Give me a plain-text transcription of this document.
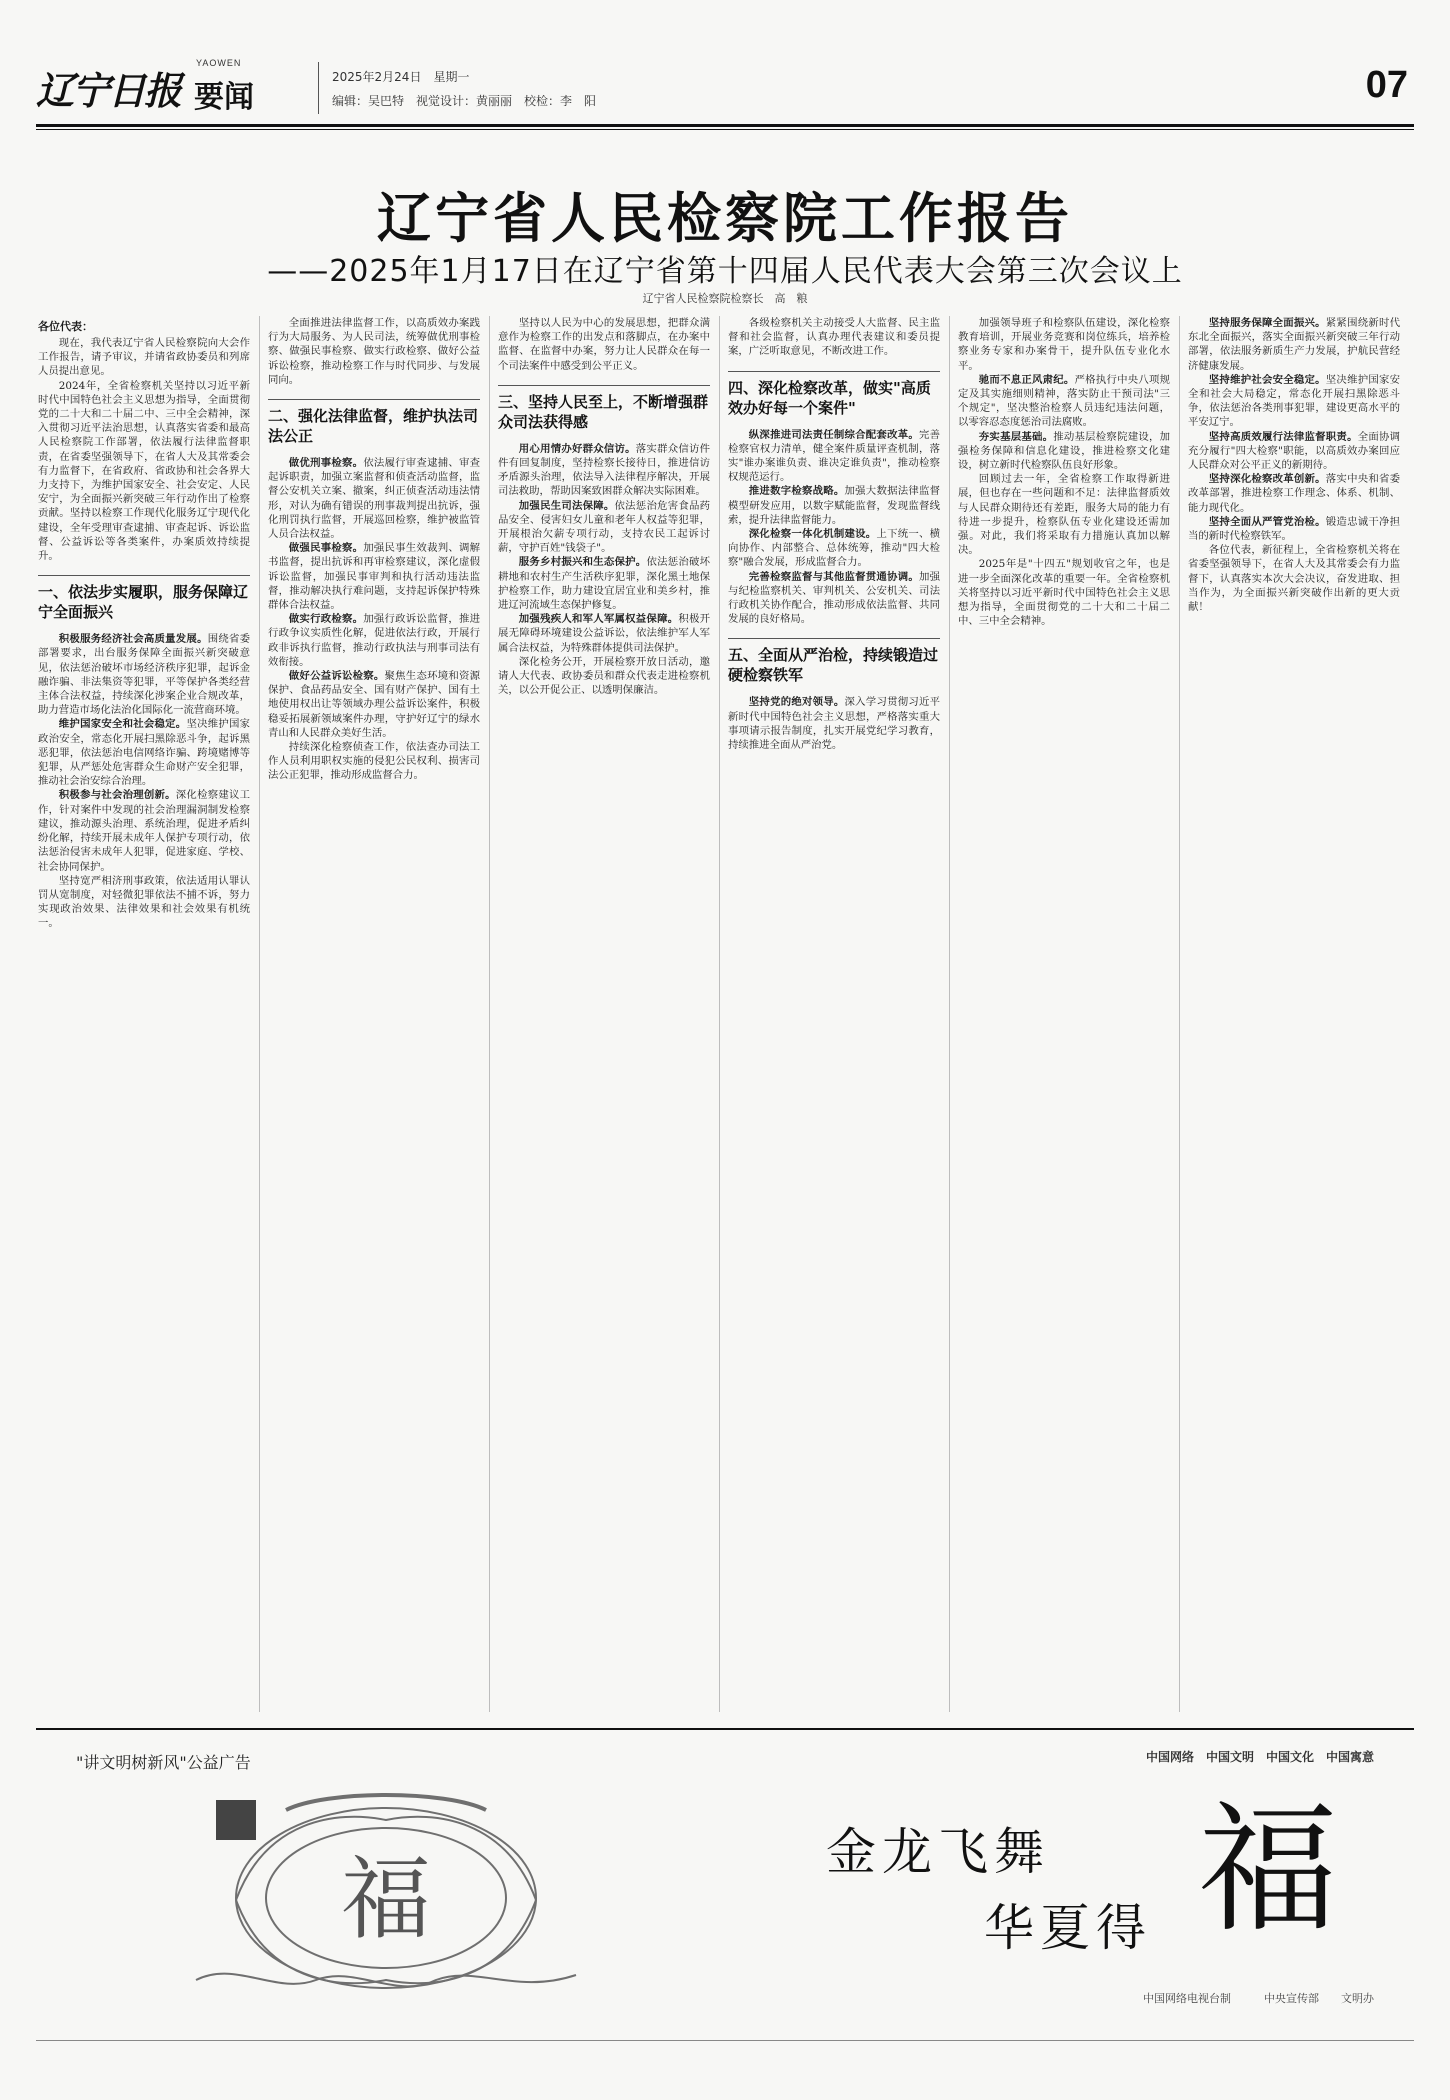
辽宁日报
YAOWEN
要闻
2025年2月24日　星期一
编辑：吴巴特　视觉设计：黄丽丽　校检：李　阳	07
辽宁省人民检察院工作报告
——2025年1月17日在辽宁省第十四届人民代表大会第三次会议上
辽宁省人民检察院检察长　高　粮
各位代表：

现在，我代表辽宁省人民检察院向大会作工作报告，请予审议，并请省政协委员和列席人员提出意见。

2024年，全省检察机关坚持以习近平新时代中国特色社会主义思想为指导，全面贯彻党的二十大和二十届二中、三中全会精神，深入贯彻习近平法治思想，认真落实省委和最高人民检察院工作部署，依法履行法律监督职责，在省委坚强领导下，在省人大及其常委会有力监督下，在省政府、省政协和社会各界大力支持下，为维护国家安全、社会安定、人民安宁，为全面振兴新突破三年行动作出了检察贡献。坚持以检察工作现代化服务辽宁现代化建设，全年受理审查逮捕、审查起诉、诉讼监督、公益诉讼等各类案件，办案质效持续提升。

一、依法步实履职，服务保障辽宁全面振兴

积极服务经济社会高质量发展。围绕省委部署要求，出台服务保障全面振兴新突破意见，依法惩治破坏市场经济秩序犯罪，起诉金融诈骗、非法集资等犯罪，平等保护各类经营主体合法权益，持续深化涉案企业合规改革，助力营造市场化法治化国际化一流营商环境。

维护国家安全和社会稳定。坚决维护国家政治安全，常态化开展扫黑除恶斗争，起诉黑恶犯罪，依法惩治电信网络诈骗、跨境赌博等犯罪，从严惩处危害群众生命财产安全犯罪，推动社会治安综合治理。

积极参与社会治理创新。深化检察建议工作，针对案件中发现的社会治理漏洞制发检察建议，推动源头治理、系统治理，促进矛盾纠纷化解，持续开展未成年人保护专项行动，依法惩治侵害未成年人犯罪，促进家庭、学校、社会协同保护。

坚持宽严相济刑事政策，依法适用认罪认罚从宽制度，对轻微犯罪依法不捕不诉，努力实现政治效果、法律效果和社会效果有机统一。

全面推进法律监督工作，以高质效办案践行为大局服务、为人民司法，统筹做优刑事检察、做强民事检察、做实行政检察、做好公益诉讼检察，推动检察工作与时代同步、与发展同向。

二、强化法律监督，维护执法司法公正

做优刑事检察。依法履行审查逮捕、审查起诉职责，加强立案监督和侦查活动监督，监督公安机关立案、撤案，纠正侦查活动违法情形，对认为确有错误的刑事裁判提出抗诉，强化刑罚执行监督，开展巡回检察，维护被监管人员合法权益。

做强民事检察。加强民事生效裁判、调解书监督，提出抗诉和再审检察建议，深化虚假诉讼监督，加强民事审判和执行活动违法监督，推动解决执行难问题，支持起诉保护特殊群体合法权益。

做实行政检察。加强行政诉讼监督，推进行政争议实质性化解，促进依法行政，开展行政非诉执行监督，推动行政执法与刑事司法有效衔接。

做好公益诉讼检察。聚焦生态环境和资源保护、食品药品安全、国有财产保护、国有土地使用权出让等领域办理公益诉讼案件，积极稳妥拓展新领域案件办理，守护好辽宁的绿水青山和人民群众美好生活。

持续深化检察侦查工作，依法查办司法工作人员利用职权实施的侵犯公民权利、损害司法公正犯罪，推动形成监督合力。

坚持以人民为中心的发展思想，把群众满意作为检察工作的出发点和落脚点，在办案中监督、在监督中办案，努力让人民群众在每一个司法案件中感受到公平正义。

三、坚持人民至上，不断增强群众司法获得感

用心用情办好群众信访。落实群众信访件件有回复制度，坚持检察长接待日，推进信访矛盾源头治理，依法导入法律程序解决，开展司法救助，帮助因案致困群众解决实际困难。

加强民生司法保障。依法惩治危害食品药品安全、侵害妇女儿童和老年人权益等犯罪，开展根治欠薪专项行动，支持农民工起诉讨薪，守护百姓"钱袋子"。

服务乡村振兴和生态保护。依法惩治破坏耕地和农村生产生活秩序犯罪，深化黑土地保护检察工作，助力建设宜居宜业和美乡村，推进辽河流域生态保护修复。

加强残疾人和军人军属权益保障。积极开展无障碍环境建设公益诉讼，依法维护军人军属合法权益，为特殊群体提供司法保护。

深化检务公开，开展检察开放日活动，邀请人大代表、政协委员和群众代表走进检察机关，以公开促公正、以透明保廉洁。

各级检察机关主动接受人大监督、民主监督和社会监督，认真办理代表建议和委员提案，广泛听取意见，不断改进工作。

四、深化检察改革，做实"高质效办好每一个案件"

纵深推进司法责任制综合配套改革。完善检察官权力清单，健全案件质量评查机制，落实"谁办案谁负责、谁决定谁负责"，推动检察权规范运行。

推进数字检察战略。加强大数据法律监督模型研发应用，以数字赋能监督，发现监督线索，提升法律监督能力。

深化检察一体化机制建设。上下统一、横向协作、内部整合、总体统筹，推动"四大检察"融合发展，形成监督合力。

完善检察监督与其他监督贯通协调。加强与纪检监察机关、审判机关、公安机关、司法行政机关协作配合，推动形成依法监督、共同发展的良好格局。

五、全面从严治检，持续锻造过硬检察铁军

坚持党的绝对领导。深入学习贯彻习近平新时代中国特色社会主义思想，严格落实重大事项请示报告制度，扎实开展党纪学习教育，持续推进全面从严治党。

加强领导班子和检察队伍建设，深化检察教育培训，开展业务竞赛和岗位练兵，培养检察业务专家和办案骨干，提升队伍专业化水平。

驰而不息正风肃纪。严格执行中央八项规定及其实施细则精神，落实防止干预司法"三个规定"，坚决整治检察人员违纪违法问题，以零容忍态度惩治司法腐败。

夯实基层基础。推动基层检察院建设，加强检务保障和信息化建设，推进检察文化建设，树立新时代检察队伍良好形象。

回顾过去一年，全省检察工作取得新进展，但也存在一些问题和不足：法律监督质效与人民群众期待还有差距，服务大局的能力有待进一步提升，检察队伍专业化建设还需加强。对此，我们将采取有力措施认真加以解决。

2025年是"十四五"规划收官之年，也是进一步全面深化改革的重要一年。全省检察机关将坚持以习近平新时代中国特色社会主义思想为指导，全面贯彻党的二十大和二十届二中、三中全会精神。

坚持服务保障全面振兴。紧紧围绕新时代东北全面振兴，落实全面振兴新突破三年行动部署，依法服务新质生产力发展，护航民营经济健康发展。

坚持维护社会安全稳定。坚决维护国家安全和社会大局稳定，常态化开展扫黑除恶斗争，依法惩治各类刑事犯罪，建设更高水平的平安辽宁。

坚持高质效履行法律监督职责。全面协调充分履行"四大检察"职能，以高质效办案回应人民群众对公平正义的新期待。

坚持深化检察改革创新。落实中央和省委改革部署，推进检察工作理念、体系、机制、能力现代化。

坚持全面从严管党治检。锻造忠诚干净担当的新时代检察铁军。

各位代表，新征程上，全省检察机关将在省委坚强领导下，在省人大及其常委会有力监督下，认真落实本次大会决议，奋发进取、担当作为，为全面振兴新突破作出新的更大贡献！

"讲文明树新风"公益广告	中国网络　中国文明　中国文化　中国寓意
福	金龙飞舞
华夏得 福
中国网络电视台制　　　中央宣传部　　文明办
